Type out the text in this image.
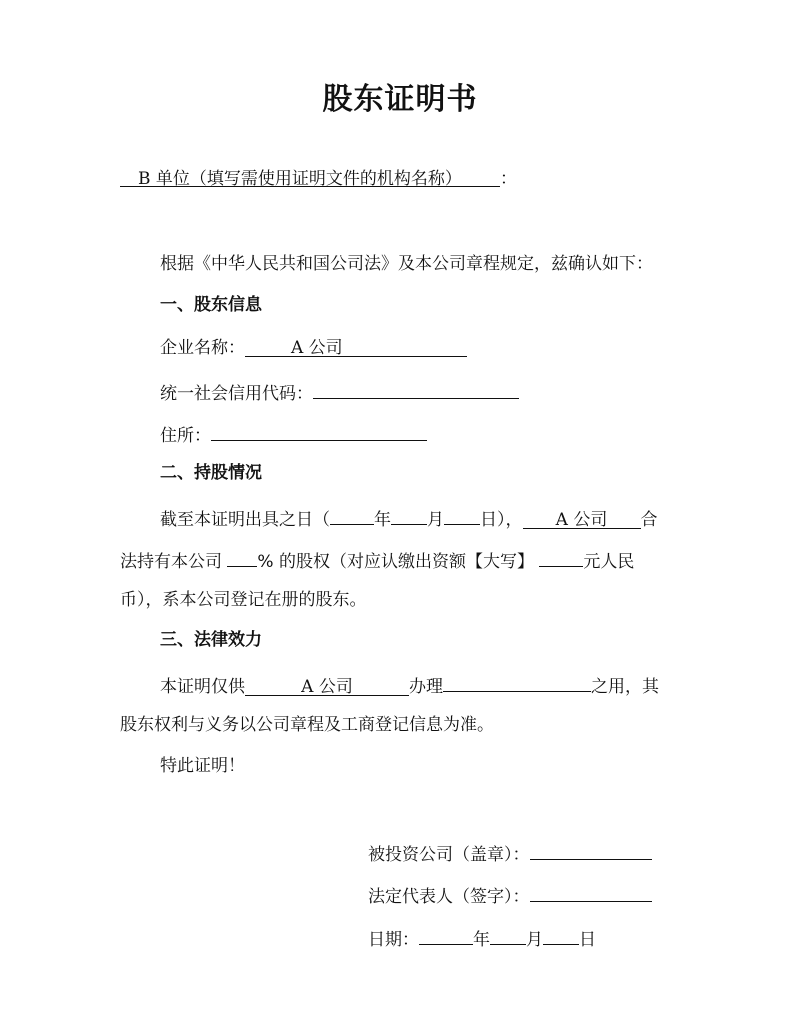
股东证明书
B 单位（填写需使用证明文件的机构名称） ：
根据《中华人民共和国公司法》及本公司章程规定，兹确认如下：
一、股东信息
企业名称：	A 公司
统一社会信用代码：
住所：
二、持股情况
截至本证明出具之日（	年 月 日）， A 公司 合
法持有本公司 % 的股权（对应认缴出资额【大写】	元人民
币），系本公司登记在册的股东。
三、法律效力
本证明仅供	A 公司	办理	之用，其
股东权利与义务以公司章程及工商登记信息为准。
特此证明！
被投资公司（盖章）：
法定代表人（签字）：
日期：	年 月 日
